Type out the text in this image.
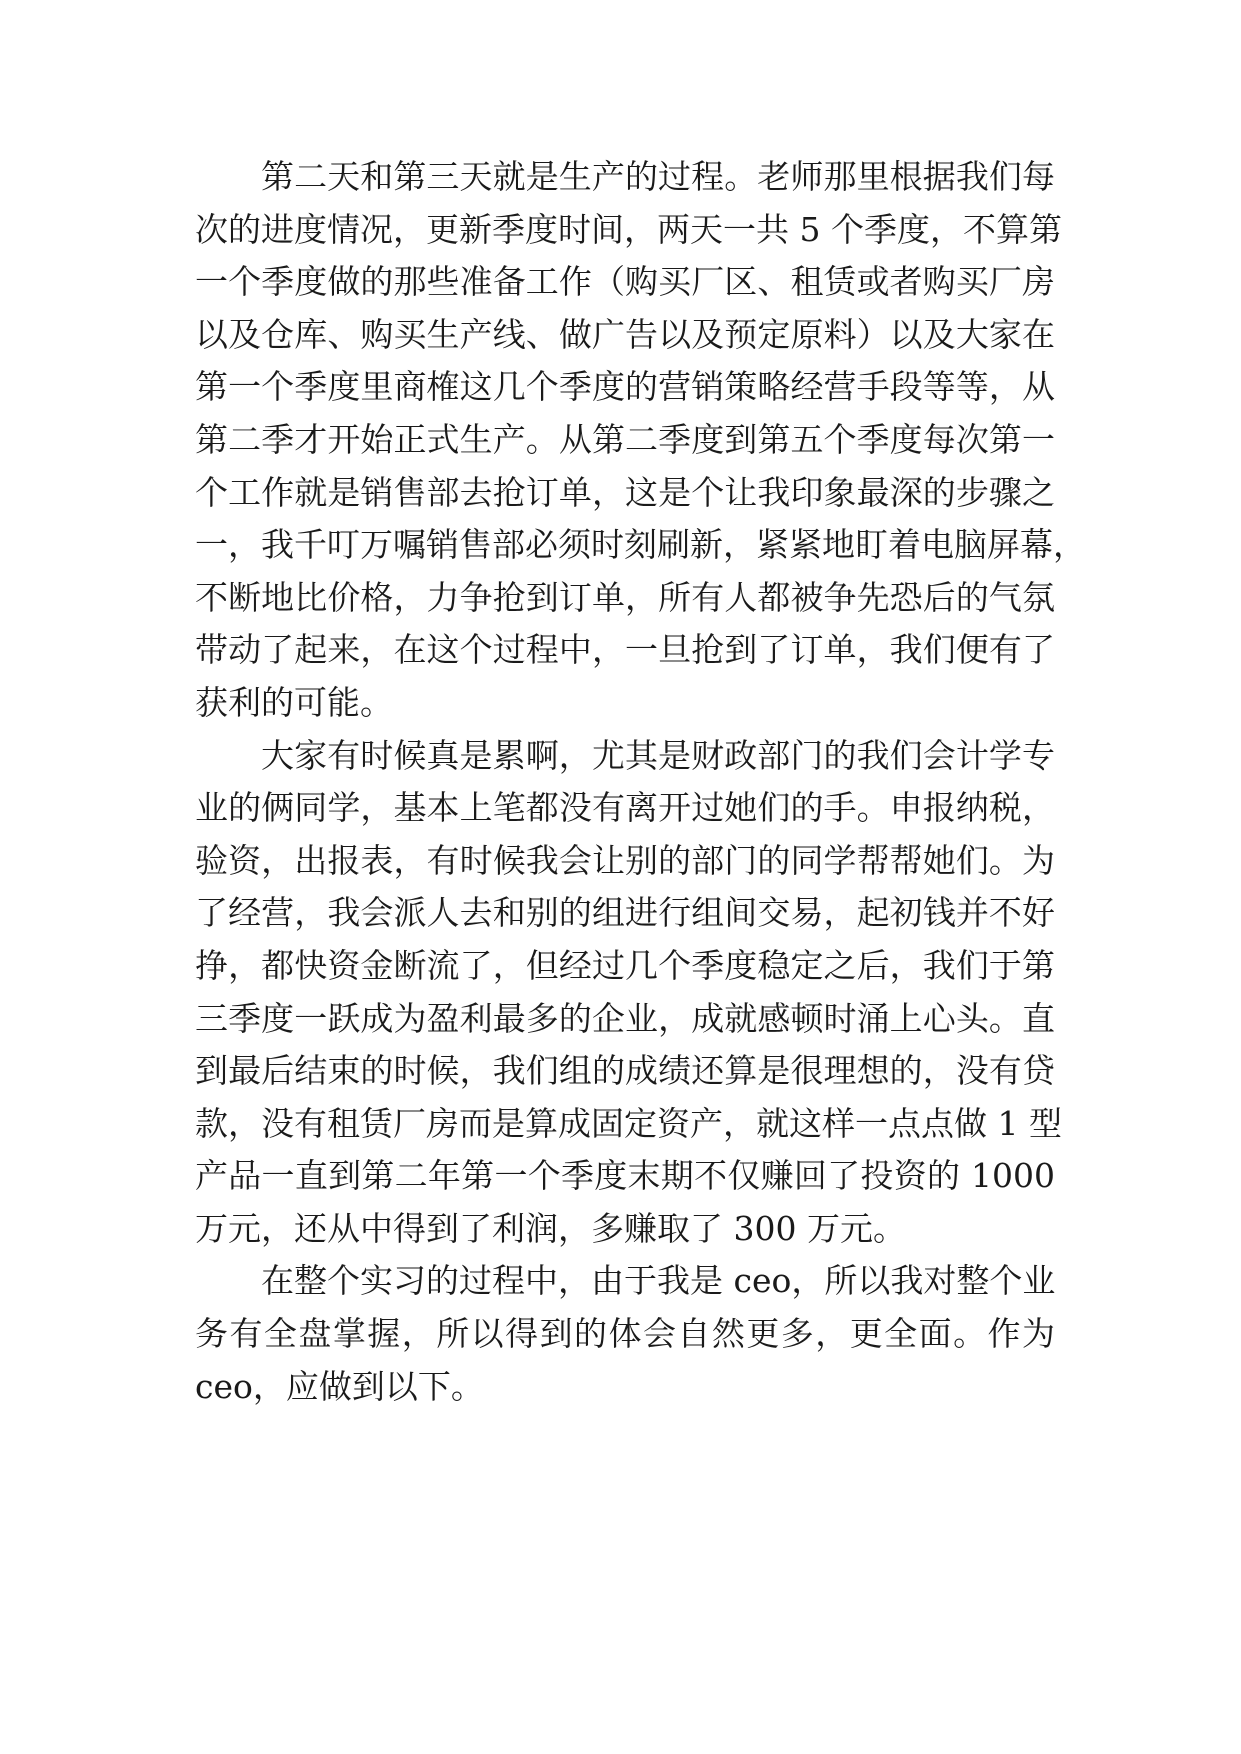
第二天和第三天就是生产的过程。老师那里根据我们每
次的进度情况，更新季度时间，两天一共 5 个季度，不算第
一个季度做的那些准备工作（购买厂区、租赁或者购买厂房
以及仓库、购买生产线、做广告以及预定原料）以及大家在
第一个季度里商榷这几个季度的营销策略经营手段等等，从
第二季才开始正式生产。从第二季度到第五个季度每次第一
个工作就是销售部去抢订单，这是个让我印象最深的步骤之
一，我千叮万嘱销售部必须时刻刷新，紧紧地盯着电脑屏幕，
不断地比价格，力争抢到订单，所有人都被争先恐后的气氛
带动了起来，在这个过程中，一旦抢到了订单，我们便有了
获利的可能。
大家有时候真是累啊，尤其是财政部门的我们会计学专
业的俩同学，基本上笔都没有离开过她们的手。申报纳税，
验资，出报表，有时候我会让别的部门的同学帮帮她们。为
了经营，我会派人去和别的组进行组间交易，起初钱并不好
挣，都快资金断流了，但经过几个季度稳定之后，我们于第
三季度一跃成为盈利最多的企业，成就感顿时涌上心头。直
到最后结束的时候，我们组的成绩还算是很理想的，没有贷
款，没有租赁厂房而是算成固定资产，就这样一点点做 1 型
产品一直到第二年第一个季度末期不仅赚回了投资的 1000
万元，还从中得到了利润，多赚取了 300 万元。
在整个实习的过程中，由于我是 ceo，所以我对整个业
务有全盘掌握，所以得到的体会自然更多，更全面。作为
ceo，应做到以下。
